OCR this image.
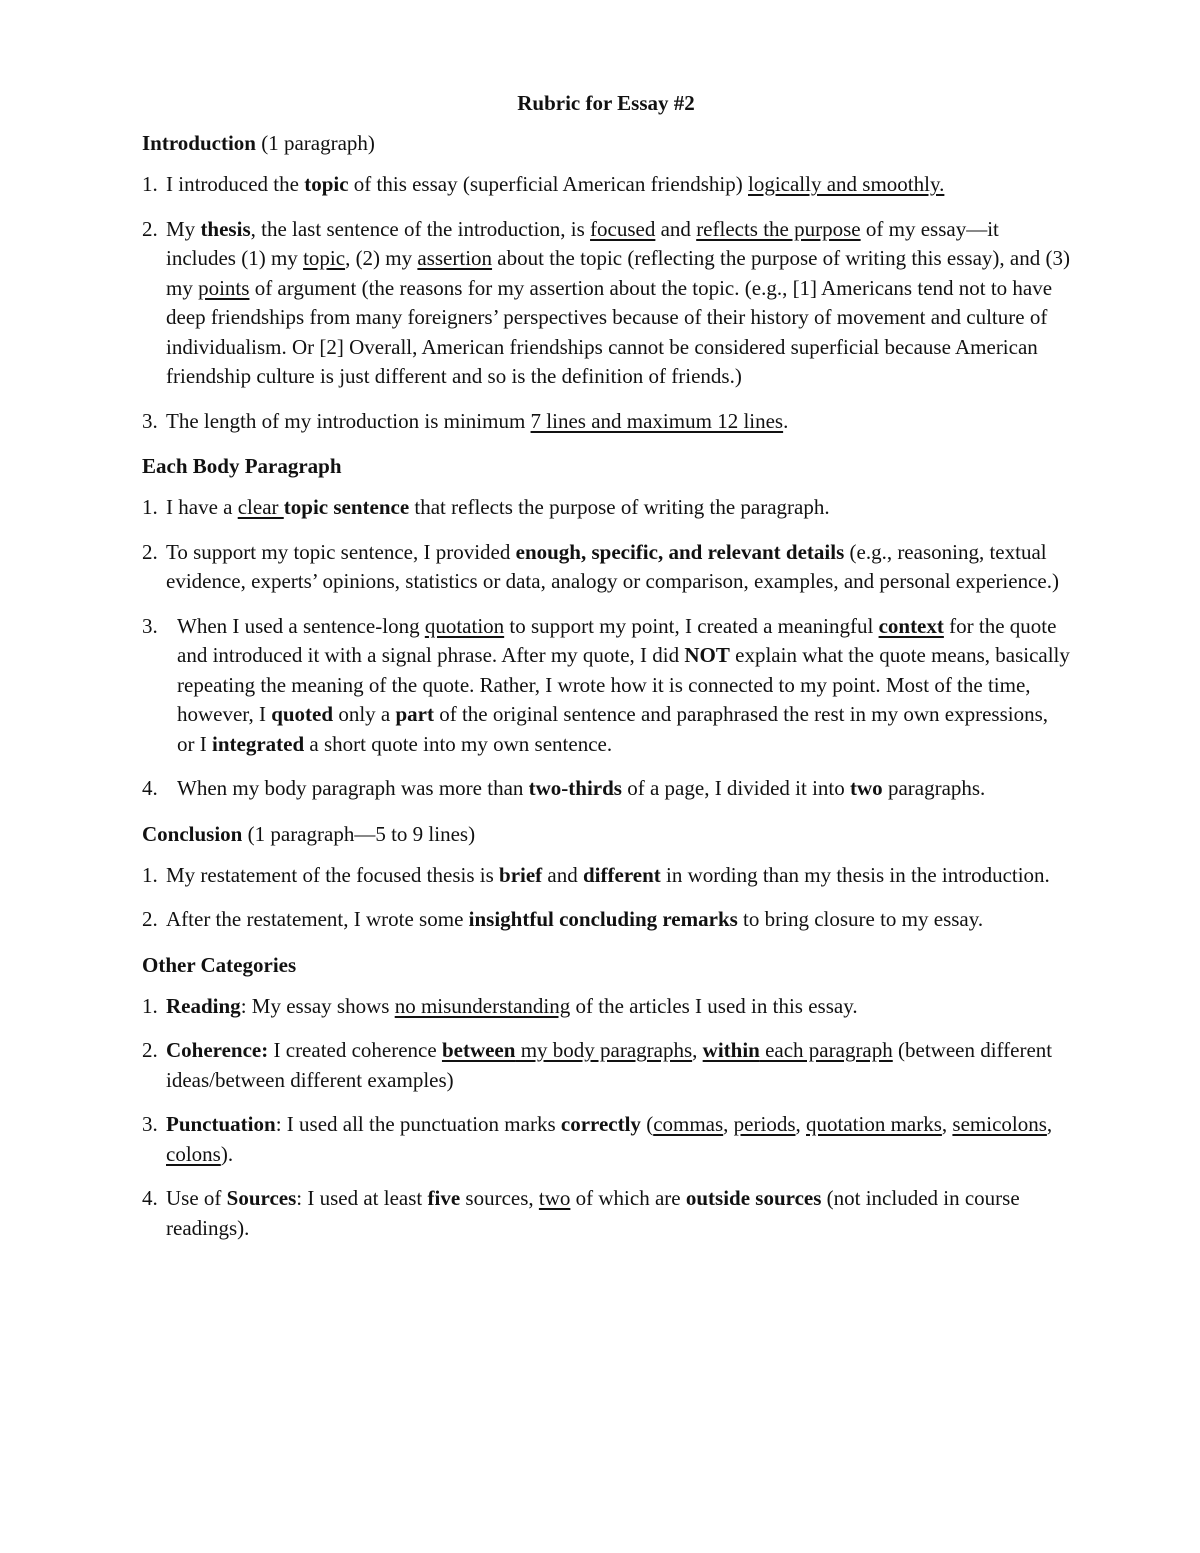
Rubric for Essay #2
Introduction (1 paragraph)
1. I introduced the topic of this essay (superficial American friendship) logically and smoothly.
2. My thesis, the last sentence of the introduction, is focused and reflects the purpose of my essay—it includes (1) my topic, (2) my assertion about the topic (reflecting the purpose of writing this essay), and (3) my points of argument (the reasons for my assertion about the topic. (e.g., [1] Americans tend not to have deep friendships from many foreigners’ perspectives because of their history of movement and culture of individualism. Or [2] Overall, American friendships cannot be considered superficial because American friendship culture is just different and so is the definition of friends.)
3. The length of my introduction is minimum 7 lines and maximum 12 lines.
Each Body Paragraph
1. I have a clear topic sentence that reflects the purpose of writing the paragraph.
2. To support my topic sentence, I provided enough, specific, and relevant details (e.g., reasoning, textual evidence, experts’ opinions, statistics or data, analogy or comparison, examples, and personal experience.)
3. When I used a sentence-long quotation to support my point, I created a meaningful context for the quote and introduced it with a signal phrase. After my quote, I did NOT explain what the quote means, basically repeating the meaning of the quote. Rather, I wrote how it is connected to my point. Most of the time, however, I quoted only a part of the original sentence and paraphrased the rest in my own expressions, or I integrated a short quote into my own sentence.
4. When my body paragraph was more than two-thirds of a page, I divided it into two paragraphs.
Conclusion (1 paragraph—5 to 9 lines)
1. My restatement of the focused thesis is brief and different in wording than my thesis in the introduction.
2. After the restatement, I wrote some insightful concluding remarks to bring closure to my essay.
Other Categories
1. Reading: My essay shows no misunderstanding of the articles I used in this essay.
2. Coherence: I created coherence between my body paragraphs, within each paragraph (between different ideas/between different examples)
3. Punctuation: I used all the punctuation marks correctly (commas, periods, quotation marks, semicolons, colons).
4. Use of Sources: I used at least five sources, two of which are outside sources (not included in course readings).
